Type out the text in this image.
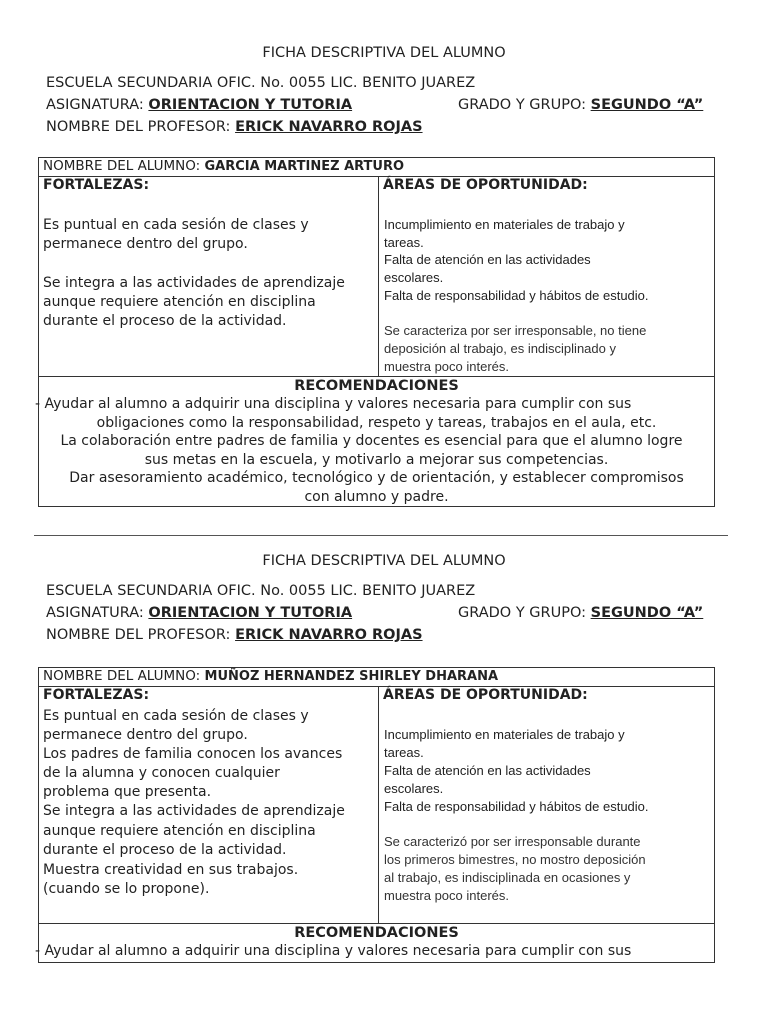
FICHA DESCRIPTIVA DEL ALUMNO
ESCUELA SECUNDARIA OFIC. No. 0055 LIC. BENITO JUAREZ
ASIGNATURA: ORIENTACION Y TUTORIA	GRADO Y GRUPO: SEGUNDO “A”
NOMBRE DEL PROFESOR: ERICK NAVARRO ROJAS
NOMBRE DEL ALUMNO: GARCIA MARTINEZ ARTURO
FORTALEZAS:
Es puntual en cada sesión de clases y
permanece dentro del grupo.
Se integra a las actividades de aprendizaje
aunque requiere atención en disciplina
durante el proceso de la actividad.
ÁREAS DE OPORTUNIDAD:
Incumplimiento en materiales de trabajo y
tareas.
Falta de atención en las actividades
escolares.
Falta de responsabilidad y hábitos de estudio.
Se caracteriza por ser irresponsable, no tiene
deposición al trabajo, es indisciplinado y
muestra poco interés.
RECOMENDACIONES
- Ayudar al alumno a adquirir una disciplina y valores necesaria para cumplir con sus
obligaciones como la responsabilidad, respeto y tareas, trabajos en el aula, etc.
La colaboración entre padres de familia y docentes es esencial para que el alumno logre
sus metas en la escuela, y motivarlo a mejorar sus competencias.
Dar asesoramiento académico, tecnológico y de orientación, y establecer compromisos
con alumno y padre.
FICHA DESCRIPTIVA DEL ALUMNO
ESCUELA SECUNDARIA OFIC. No. 0055 LIC. BENITO JUAREZ
ASIGNATURA: ORIENTACION Y TUTORIA	GRADO Y GRUPO: SEGUNDO “A”
NOMBRE DEL PROFESOR: ERICK NAVARRO ROJAS
NOMBRE DEL ALUMNO: MUÑOZ HERNANDEZ SHIRLEY DHARANA
FORTALEZAS:
Es puntual en cada sesión de clases y
permanece dentro del grupo.
Los padres de familia conocen los avances
de la alumna y conocen cualquier
problema que presenta.
Se integra a las actividades de aprendizaje
aunque requiere atención en disciplina
durante el proceso de la actividad.
Muestra creatividad en sus trabajos.
(cuando se lo propone).
ÁREAS DE OPORTUNIDAD:
Incumplimiento en materiales de trabajo y
tareas.
Falta de atención en las actividades
escolares.
Falta de responsabilidad y hábitos de estudio.
Se caracterizó por ser irresponsable durante
los primeros bimestres, no mostro deposición
al trabajo, es indisciplinada en ocasiones y
muestra poco interés.
RECOMENDACIONES
- Ayudar al alumno a adquirir una disciplina y valores necesaria para cumplir con sus
